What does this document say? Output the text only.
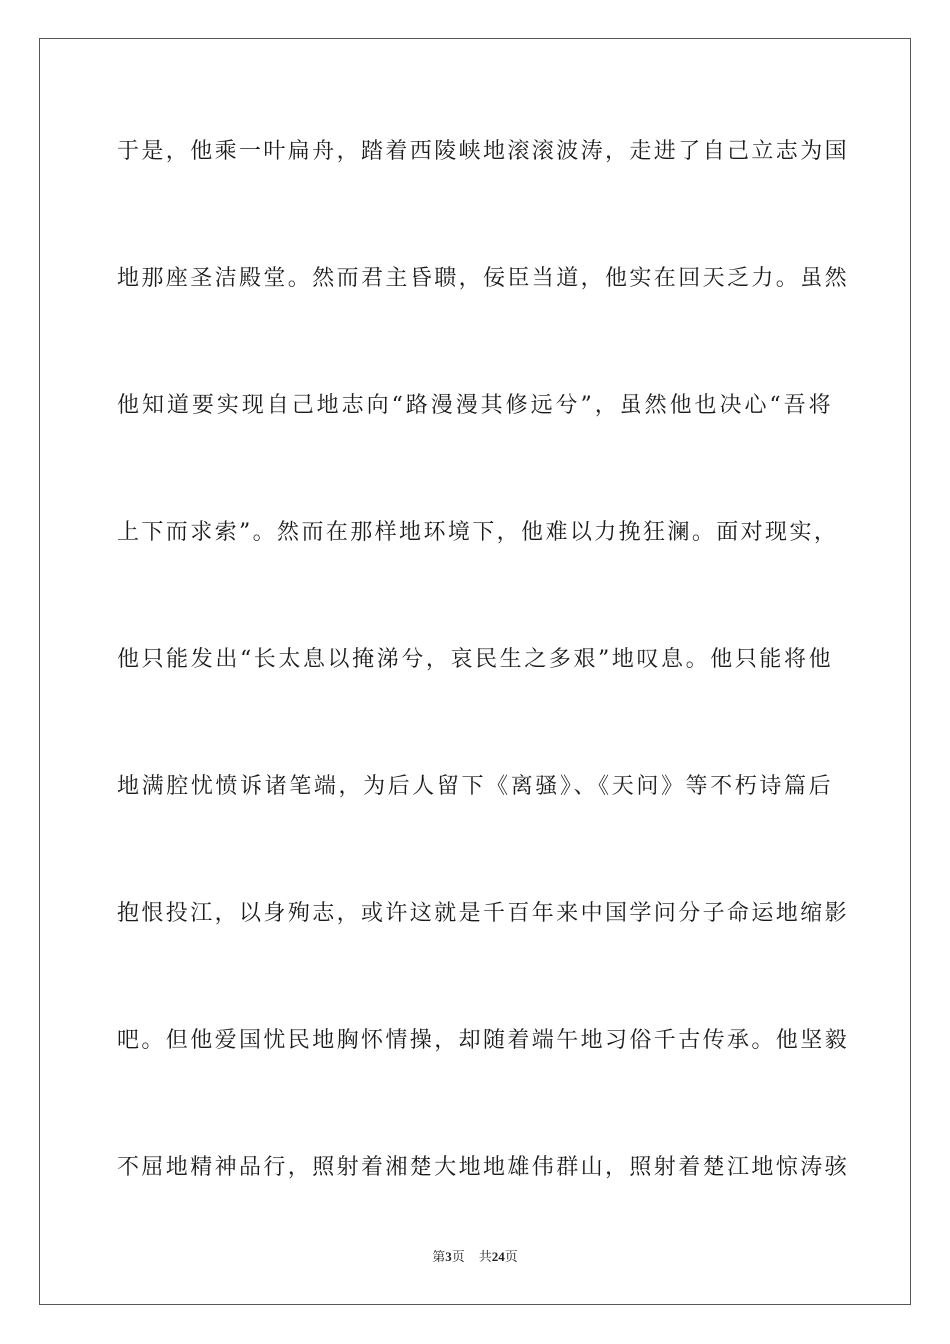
于是，他乘一叶扁舟，踏着西陵峡地滚滚波涛，走进了自己立志为国
地那座圣洁殿堂。然而君主昏聩，佞臣当道，他实在回天乏力。虽然
他知道要实现自己地志向“路漫漫其修远兮”，虽然他也决心“吾将
上下而求索”。然而在那样地环境下，他难以力挽狂澜。面对现实，
他只能发出“长太息以掩涕兮，哀民生之多艰”地叹息。他只能将他
地满腔忧愤诉诸笔端，为后人留下《离骚》、《天问》等不朽诗篇后
抱恨投江，以身殉志，或许这就是千百年来中国学问分子命运地缩影
吧。但他爱国忧民地胸怀情操，却随着端午地习俗千古传承。他坚毅
不屈地精神品行，照射着湘楚大地地雄伟群山，照射着楚江地惊涛骇
第3页 共24页
